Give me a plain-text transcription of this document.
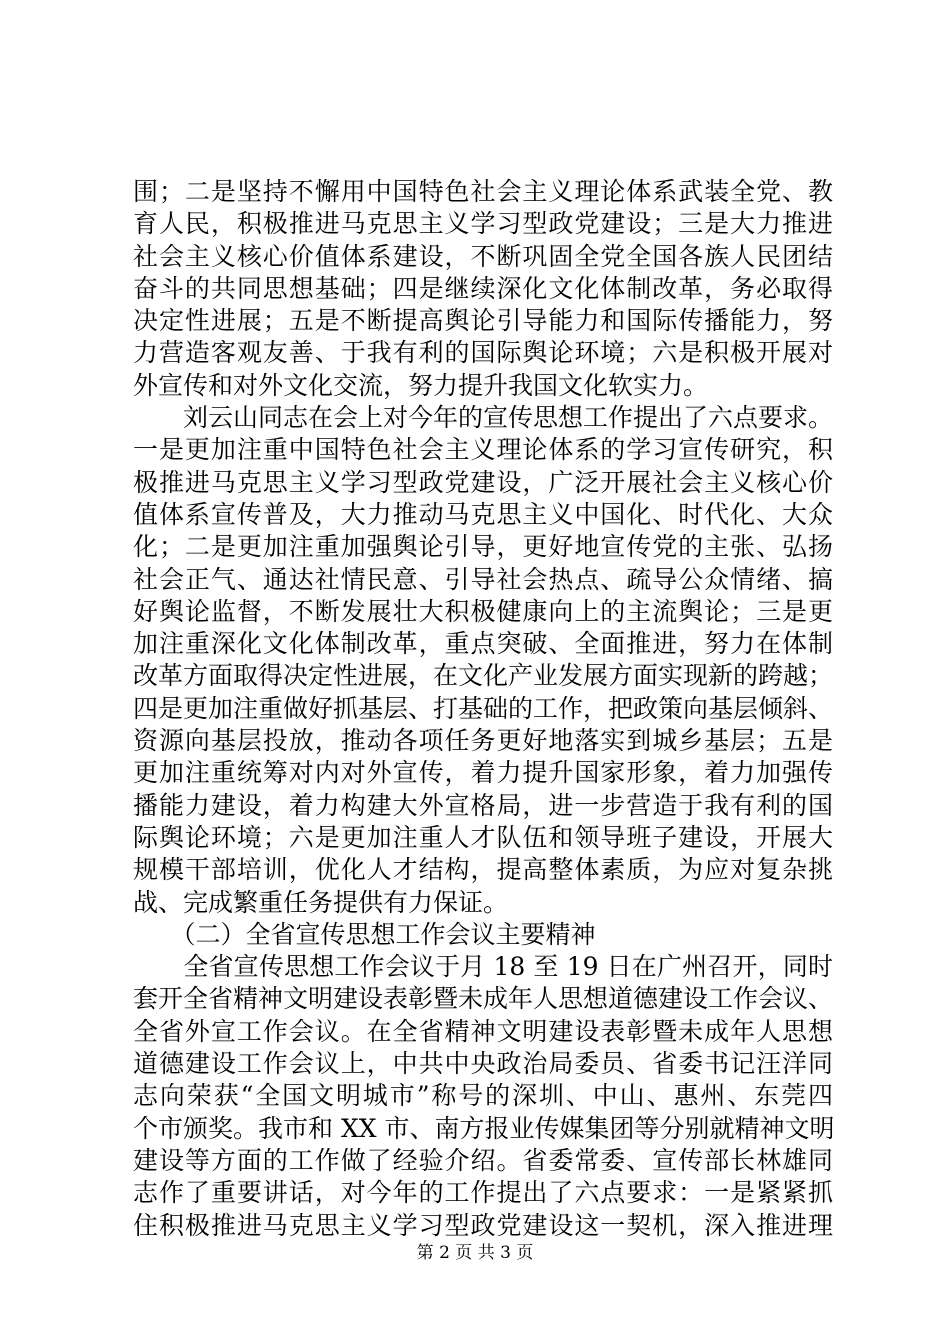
围；二是坚持不懈用中国特色社会主义理论体系武装全党、教
育人民，积极推进马克思主义学习型政党建设；三是大力推进
社会主义核心价值体系建设，不断巩固全党全国各族人民团结
奋斗的共同思想基础；四是继续深化文化体制改革，务必取得
决定性进展；五是不断提高舆论引导能力和国际传播能力，努
力营造客观友善、于我有利的国际舆论环境；六是积极开展对
外宣传和对外文化交流，努力提升我国文化软实力。
　　刘云山同志在会上对今年的宣传思想工作提出了六点要求。
一是更加注重中国特色社会主义理论体系的学习宣传研究，积
极推进马克思主义学习型政党建设，广泛开展社会主义核心价
值体系宣传普及，大力推动马克思主义中国化、时代化、大众
化；二是更加注重加强舆论引导，更好地宣传党的主张、弘扬
社会正气、通达社情民意、引导社会热点、疏导公众情绪、搞
好舆论监督，不断发展壮大积极健康向上的主流舆论；三是更
加注重深化文化体制改革，重点突破、全面推进，努力在体制
改革方面取得决定性进展，在文化产业发展方面实现新的跨越；
四是更加注重做好抓基层、打基础的工作，把政策向基层倾斜、
资源向基层投放，推动各项任务更好地落实到城乡基层；五是
更加注重统筹对内对外宣传，着力提升国家形象，着力加强传
播能力建设，着力构建大外宣格局，进一步营造于我有利的国
际舆论环境；六是更加注重人才队伍和领导班子建设，开展大
规模干部培训，优化人才结构，提高整体素质，为应对复杂挑
战、完成繁重任务提供有力保证。
　　（二）全省宣传思想工作会议主要精神
　　全省宣传思想工作会议于月 18 至 19 日在广州召开，同时
套开全省精神文明建设表彰暨未成年人思想道德建设工作会议、
全省外宣工作会议。在全省精神文明建设表彰暨未成年人思想
道德建设工作会议上，中共中央政治局委员、省委书记汪洋同
志向荣获“全国文明城市”称号的深圳、中山、惠州、东莞四
个市颁奖。我市和 XX 市、南方报业传媒集团等分别就精神文明
建设等方面的工作做了经验介绍。省委常委、宣传部长林雄同
志作了重要讲话，对今年的工作提出了六点要求：一是紧紧抓
住积极推进马克思主义学习型政党建设这一契机，深入推进理
第 2 页 共 3 页
